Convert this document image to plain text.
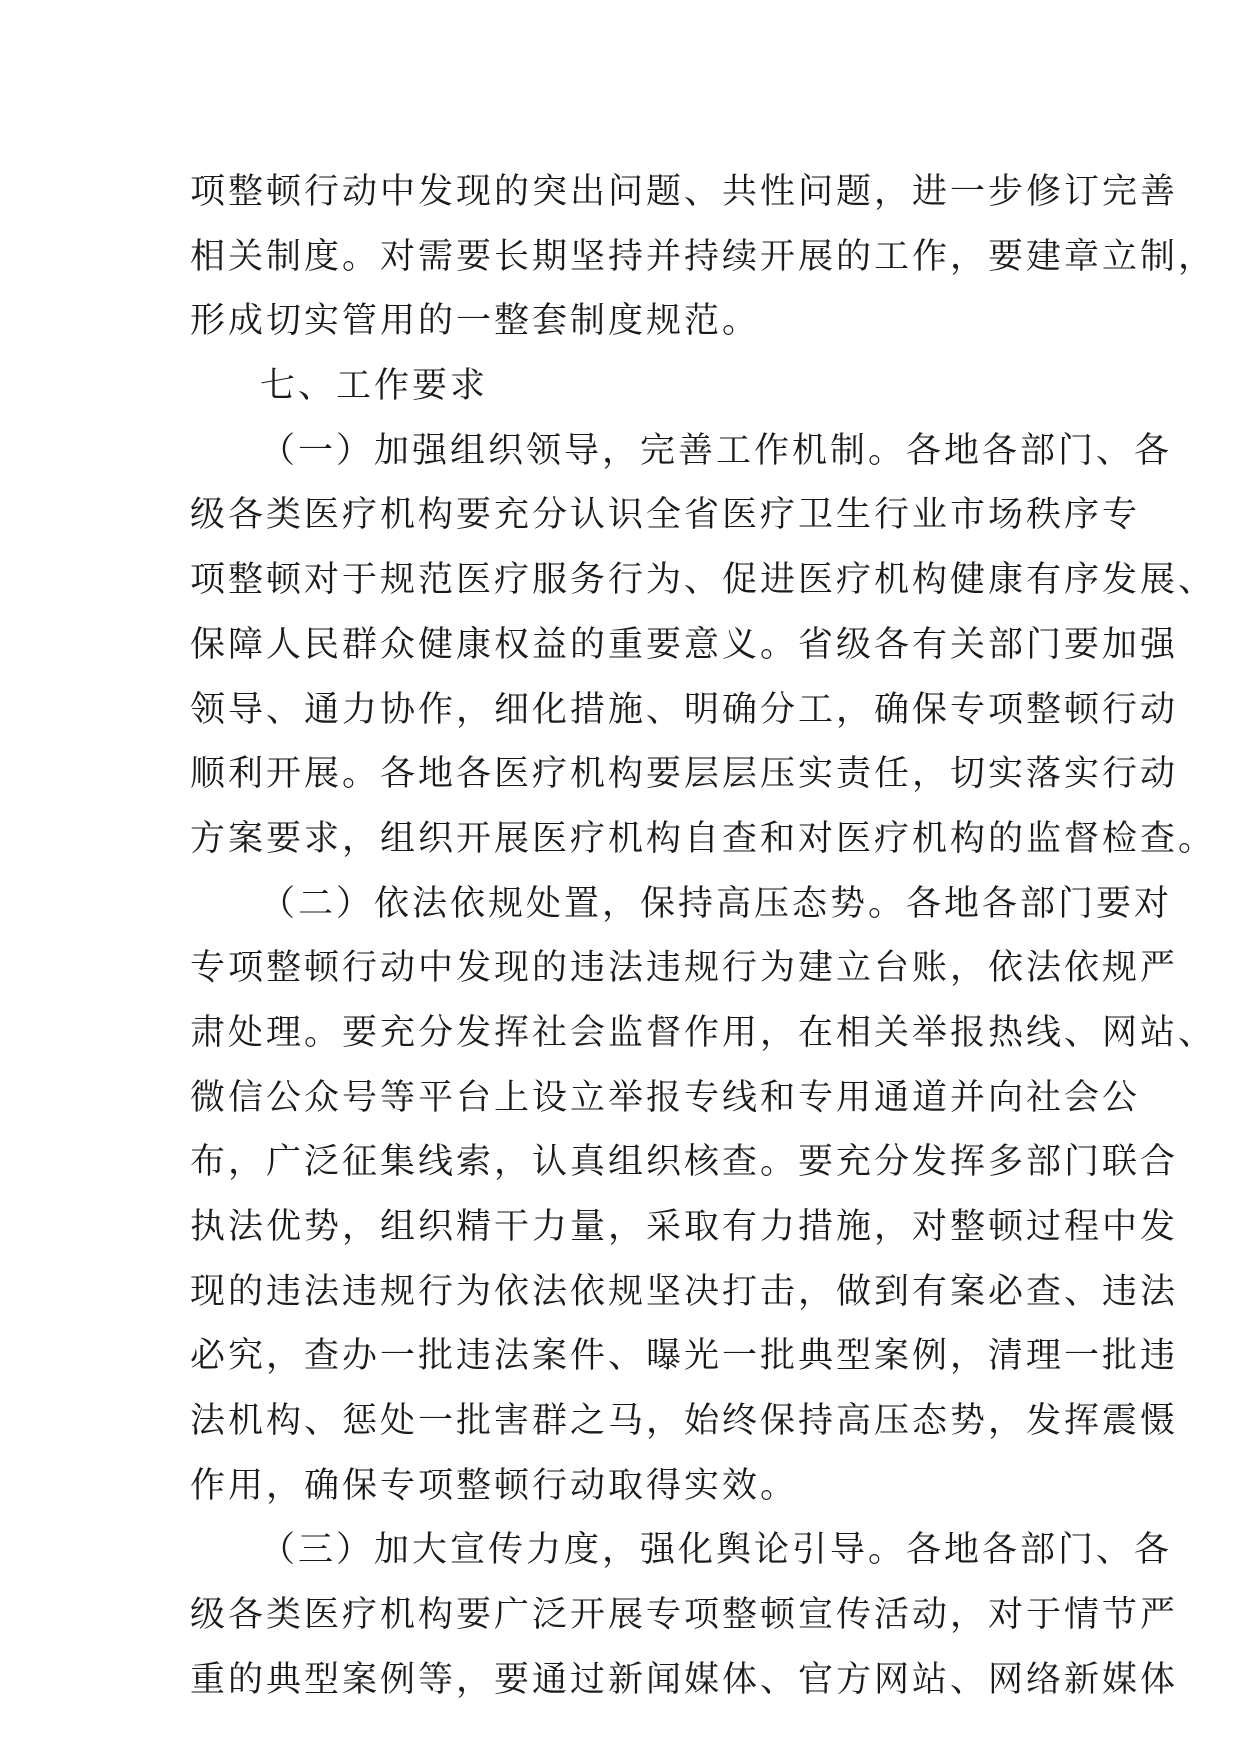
项整顿行动中发现的突出问题、共性问题，进一步修订完善
相关制度。对需要长期坚持并持续开展的工作，要建章立制，
形成切实管用的一整套制度规范。
七、工作要求
（一）加强组织领导，完善工作机制。各地各部门、各
级各类医疗机构要充分认识全省医疗卫生行业市场秩序专
项整顿对于规范医疗服务行为、促进医疗机构健康有序发展、
保障人民群众健康权益的重要意义。省级各有关部门要加强
领导、通力协作，细化措施、明确分工，确保专项整顿行动
顺利开展。各地各医疗机构要层层压实责任，切实落实行动
方案要求，组织开展医疗机构自查和对医疗机构的监督检查。
（二）依法依规处置，保持高压态势。各地各部门要对
专项整顿行动中发现的违法违规行为建立台账，依法依规严
肃处理。要充分发挥社会监督作用，在相关举报热线、网站、
微信公众号等平台上设立举报专线和专用通道并向社会公
布，广泛征集线索，认真组织核查。要充分发挥多部门联合
执法优势，组织精干力量，采取有力措施，对整顿过程中发
现的违法违规行为依法依规坚决打击，做到有案必查、违法
必究，查办一批违法案件、曝光一批典型案例，清理一批违
法机构、惩处一批害群之马，始终保持高压态势，发挥震慑
作用，确保专项整顿行动取得实效。
（三）加大宣传力度，强化舆论引导。各地各部门、各
级各类医疗机构要广泛开展专项整顿宣传活动，对于情节严
重的典型案例等，要通过新闻媒体、官方网站、网络新媒体
